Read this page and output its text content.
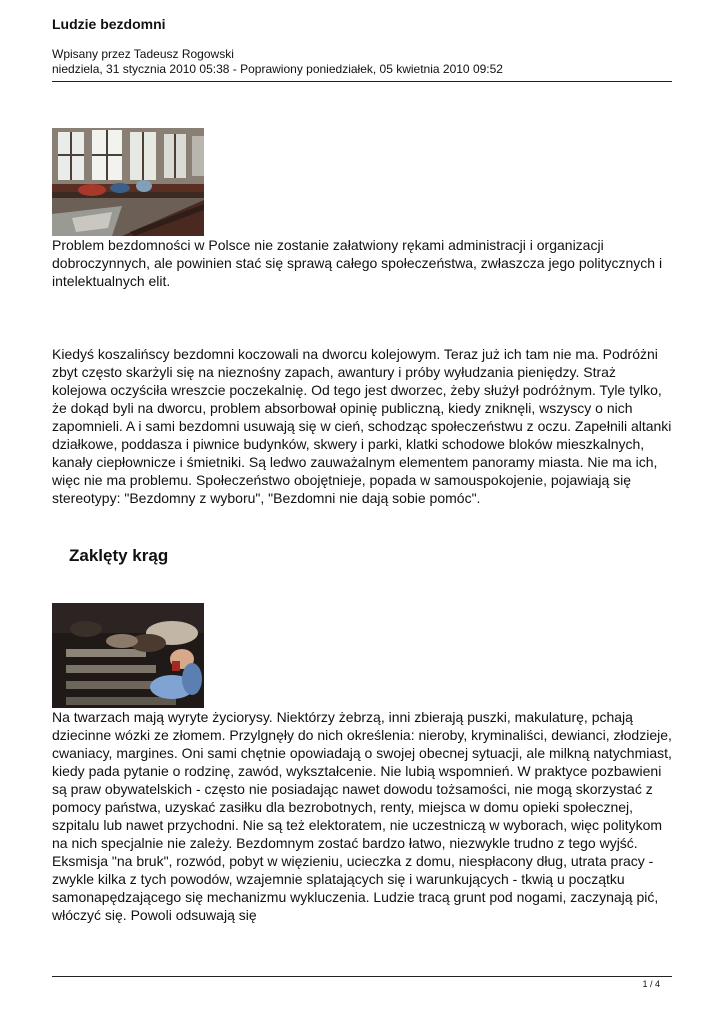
Ludzie bezdomni
Wpisany przez Tadeusz Rogowski
niedziela, 31 stycznia 2010 05:38 - Poprawiony poniedziałek, 05 kwietnia 2010 09:52

Problem bezdomności w Polsce nie zostanie załatwiony rękami administracji i organizacji dobroczynnych, ale powinien stać się sprawą całego społeczeństwa, zwłaszcza jego politycznych i intelektualnych elit.

Kiedyś koszalińscy bezdomni koczowali na dworcu kolejowym. Teraz już ich tam nie ma. Podróżni zbyt często skarżyli się na nieznośny zapach, awantury i próby wyłudzania pieniędzy. Straż kolejowa oczyściła wreszcie poczekalnię. Od tego jest dworzec, żeby służył podróżnym. Tyle tylko, że dokąd byli na dworcu, problem absorbował opinię publiczną, kiedy zniknęli, wszyscy o nich zapomnieli. A i sami bezdomni usuwają się w cień, schodząc społeczeństwu z oczu. Zapełnili altanki działkowe, poddasza i piwnice budynków, skwery i parki, klatki schodowe bloków mieszkalnych, kanały ciepłownicze i śmietniki. Są ledwo zauważalnym elementem panoramy miasta. Nie ma ich, więc nie ma problemu. Społeczeństwo obojętnieje, popada w samouspokojenie, pojawiają się stereotypy: "Bezdomny z wyboru", "Bezdomni nie dają sobie pomóc".

Zaklęty krąg

Na twarzach mają wyryte życiorysy. Niektórzy żebrzą, inni zbierają puszki, makulaturę, pchają dziecinne wózki ze złomem. Przylgnęły do nich określenia: nieroby, kryminaliści, dewianci, złodzieje, cwaniacy, margines. Oni sami chętnie opowiadają o swojej obecnej sytuacji, ale milkną natychmiast, kiedy pada pytanie o rodzinę, zawód, wykształcenie. Nie lubią wspomnień. W praktyce pozbawieni są praw obywatelskich - często nie posiadając nawet dowodu tożsamości, nie mogą skorzystać z pomocy państwa, uzyskać zasiłku dla bezrobotnych, renty, miejsca w domu opieki społecznej, szpitalu lub nawet przychodni. Nie są też elektoratem, nie uczestniczą w wyborach, więc politykom na nich specjalnie nie zależy. Bezdomnym zostać bardzo łatwo, niezwykle trudno z tego wyjść. Eksmisja "na bruk", rozwód, pobyt w więzieniu, ucieczka z domu, niespłacony dług, utrata pracy - zwykle kilka z tych powodów, wzajemnie splatających się i warunkujących - tkwią u początku samonapędzającego się mechanizmu wykluczenia. Ludzie tracą grunt pod nogami, zaczynają pić, włóczyć się. Powoli odsuwają się

1 / 4
